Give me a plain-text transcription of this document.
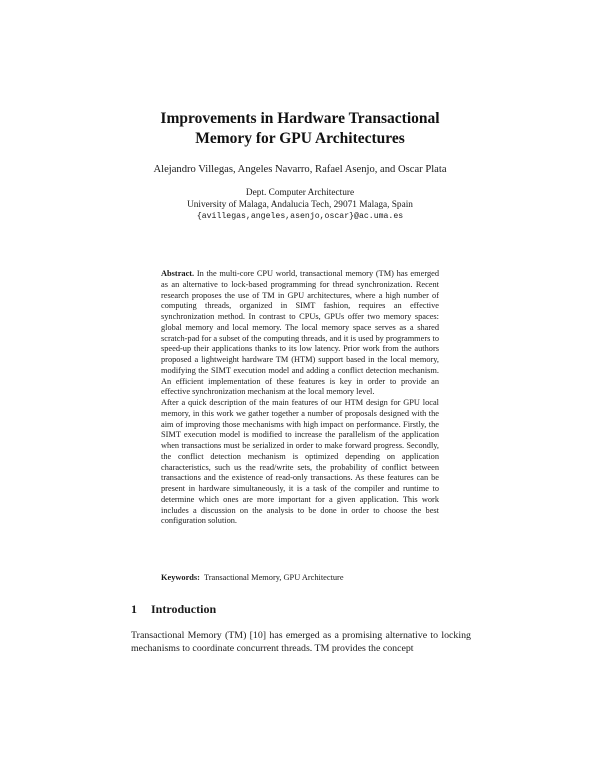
Improvements in Hardware Transactional
Memory for GPU Architectures
Alejandro Villegas, Angeles Navarro, Rafael Asenjo, and Oscar Plata
Dept. Computer Architecture
University of Malaga, Andalucia Tech, 29071 Malaga, Spain
{avillegas,angeles,asenjo,oscar}@ac.uma.es

Abstract. In the multi-core CPU world, transactional memory (TM) has emerged as an alternative to lock-based programming for thread synchronization. Recent research proposes the use of TM in GPU architectures, where a high number of computing threads, organized in SIMT fashion, requires an effective synchronization method. In contrast to CPUs, GPUs offer two memory spaces: global memory and local memory. The local memory space serves as a shared scratch-pad for a subset of the computing threads, and it is used by programmers to speed-up their applications thanks to its low latency. Prior work from the authors proposed a lightweight hardware TM (HTM) support based in the local memory, modifying the SIMT execution model and adding a conflict detection mechanism. An efficient implementation of these features is key in order to provide an effective synchronization mechanism at the local memory level.

After a quick description of the main features of our HTM design for GPU local memory, in this work we gather together a number of proposals designed with the aim of improving those mechanisms with high impact on performance. Firstly, the SIMT execution model is modified to increase the parallelism of the application when transactions must be serialized in order to make forward progress. Secondly, the conflict detection mechanism is optimized depending on application characteristics, such us the read/write sets, the probability of conflict between transactions and the existence of read-only transactions. As these features can be present in hardware simultaneously, it is a task of the compiler and runtime to determine which ones are more important for a given application. This work includes a discussion on the analysis to be done in order to choose the best configuration solution.

Keywords: Transactional Memory, GPU Architecture
1 Introduction

Transactional Memory (TM) [10] has emerged as a promising alternative to locking mechanisms to coordinate concurrent threads. TM provides the concept
